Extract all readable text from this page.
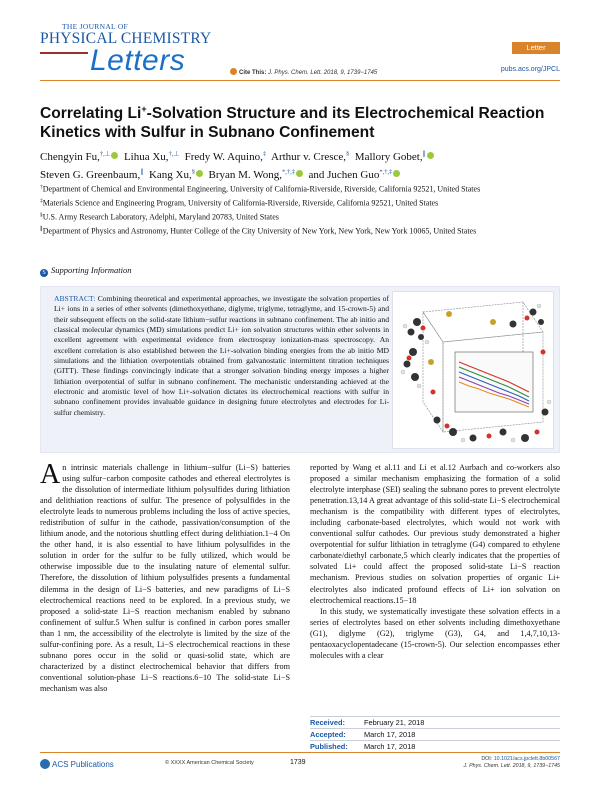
THE JOURNAL OF
PHYSICAL CHEMISTRY
Letters	Letter
Cite This: J. Phys. Chem. Lett. 2018, 9, 1739−1745	pubs.acs.org/JPCL
Correlating Li+-Solvation Structure and its Electrochemical Reaction
Kinetics with Sulfur in Subnano Confinement
Chengyin Fu,†,⊥ Lihua Xu,†,⊥ Fredy W. Aquino,‡ Arthur v. Cresce,§ Mallory Gobet,∥
Steven G. Greenbaum,∥ Kang Xu,§ Bryan M. Wong,*,†,‡ and Juchen Guo*,†,‡
†Department of Chemical and Environmental Engineering, University of California-Riverside, Riverside, California 92521, United States
‡Materials Science and Engineering Program, University of California-Riverside, Riverside, California 92521, United States
§U.S. Army Research Laboratory, Adelphi, Maryland 20783, United States
∥Department of Physics and Astronomy, Hunter College of the City University of New York, New York, New York 10065, United States
S Supporting Information
ABSTRACT: Combining theoretical and experimental approaches, we investigate the solvation properties of Li+ ions in a series of ether solvents (dimethoxyethane, diglyme, triglyme, tetraglyme, and 15-crown-5) and their subsequent effects on the solid-state lithium−sulfur reactions in subnano confinement. The ab initio and classical molecular dynamics (MD) simulations predict Li+ ion solvation structures within ether solvents in excellent agreement with experimental evidence from electrospray ionization-mass spectroscopy. An excellent correlation is also established between the Li+-solvation binding energies from the ab initio MD simulations and the lithiation overpotentials obtained from galvanostatic intermittent titration techniques (GITT). These findings convincingly indicate that a stronger solvation binding energy imposes a higher lithiation overpotential of sulfur in subnano confinement. The mechanistic understanding achieved at the electronic and atomistic level of how Li+-solvation dictates its electrochemical reactions with sulfur in subnano confinement provides invaluable guidance in designing future electrolytes and electrodes for Li-sulfur chemistry.
An intrinsic materials challenge in lithium−sulfur (Li−S) batteries using sulfur−carbon composite cathodes and ethereal electrolytes is the dissolution of intermediate lithium polysulfides during lithiation and delithiation reactions of sulfur. The presence of polysulfides in the electrolyte leads to numerous problems including the loss of active species, redistribution of sulfur in the cathode, passivation/consumption of the lithium anode, and the notorious shuttling effect during delithiation.1−4 On the other hand, it is also essential to have lithium polysulfides in the solution in order for the sulfur to be fully utilized, which would be otherwise impossible due to the insulating nature of elemental sulfur. Therefore, the dissolution of lithium polysulfides presents a fundamental dilemma in the design of Li−S batteries, and new paradigms of Li−S electrochemical reactions need to be explored. In a previous study, we proposed a solid-state Li−S reaction mechanism enabled by subnano confinement of sulfur.5 When sulfur is confined in carbon pores smaller than 1 nm, the accessibility of the electrolyte is limited by the size of the sulfur-confining pore. As a result, Li−S electrochemical reactions in these subnano pores occur in the solid or quasi-solid state, which are characterized by a distinct electrochemical behavior that differs from conventional solution-phase Li−S reactions.6−10 The solid-state Li−S mechanism was also

reported by Wang et al.11 and Li et al.12 Aurbach and co-workers also proposed a similar mechanism emphasizing the formation of a solid electrolyte interphase (SEI) sealing the subnano pores to prevent electrolyte penetration.13,14 A great advantage of this solid-state Li−S electrochemical mechanism is the compatibility with different types of electrolytes, including carbonate-based electrolytes, which would not work with conventional sulfur cathodes. Our previous study demonstrated a higher overpotential for sulfur lithiation in tetraglyme (G4) compared to ethylene carbonate/diethyl carbonate,5 which clearly indicates that the properties of solvated Li+ could affect the proposed solid-state Li−S reaction mechanism. Previous studies on solvation properties of organic Li+ electrolytes also indicated profound effects of Li+ ion solvation on electrochemical reactions.15−18

In this study, we systematically investigate these solvation effects in a series of electrolytes based on ether solvents including dimethoxyethane (G1), diglyme (G2), triglyme (G3), G4, and 1,4,7,10,13-pentaoxacyclopentadecane (15-crown-5). Our selection encompasses ether molecules with a clear

Received:	February 21, 2018
Accepted:	March 17, 2018
Published:	March 17, 2018
ACS Publications	© XXXX American Chemical Society	1739	DOI: 10.1021/acs.jpclett.8b00567
J. Phys. Chem. Lett. 2018, 9, 1739−1745
